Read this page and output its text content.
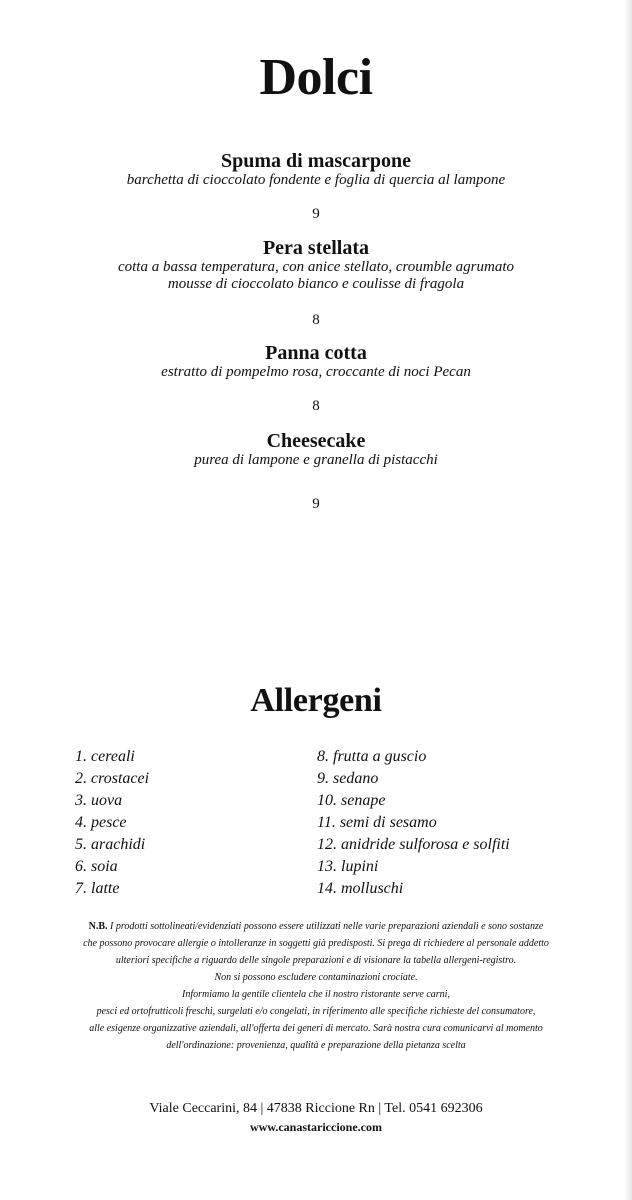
Dolci
Spuma di mascarpone
barchetta di cioccolato fondente e foglia di quercia al lampone
9
Pera stellata
cotta a bassa temperatura, con anice stellato, croumble agrumato
mousse di cioccolato bianco e coulisse di fragola
8
Panna cotta
estratto di pompelmo rosa, croccante di noci Pecan
8
Cheesecake
purea di lampone e granella di pistacchi
9
Allergeni
1. cereali
2. crostacei
3. uova
4. pesce
5. arachidi
6. soia
7. latte
8. frutta a guscio
9. sedano
10. senape
11. semi di sesamo
12. anidride sulforosa e solfiti
13. lupini
14. molluschi
N.B. I prodotti sottolineati/evidenziati possono essere utilizzati nelle varie preparazioni aziendali e sono sostanze
che possono provocare allergie o intolleranze in soggetti già predisposti. Si prega di richiedere al personale addetto
ulteriori specifiche a riguardo delle singole preparazioni e di visionare la tabella allergeni-registro.
Non si possono escludere contaminazioni crociate.
Informiamo la gentile clientela che il nostro ristorante serve carni,
pesci ed ortofrutticoli freschi, surgelati e/o congelati, in riferimento alle specifiche richieste del consumatore,
alle esigenze organizzative aziendali, all'offerta dei generi di mercato. Sarà nostra cura comunicarvi al momento
dell'ordinazione: provenienza, qualità e preparazione della pietanza scelta
Viale Ceccarini, 84 | 47838 Riccione Rn | Tel. 0541 692306
www.canastariccione.com
